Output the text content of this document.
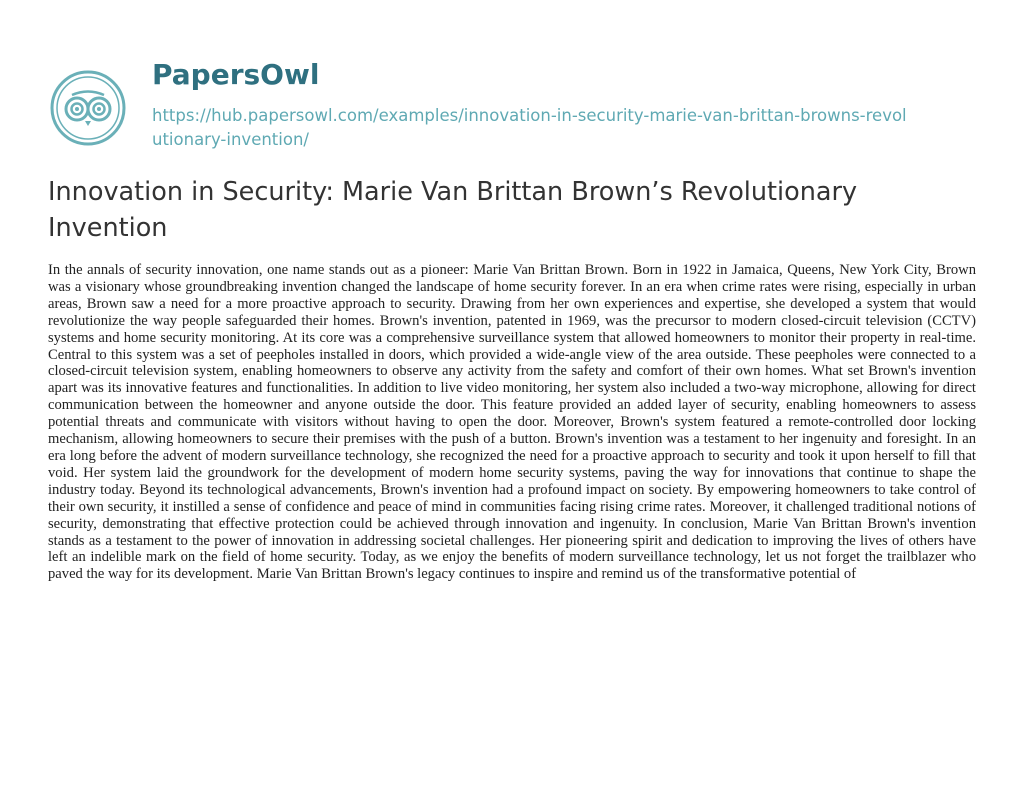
PapersOwl
https://hub.papersowl.com/examples/innovation-in-security-marie-van-brittan-browns-revolutionary-invention/
Innovation in Security: Marie Van Brittan Brown’s Revolutionary Invention

In the annals of security innovation, one name stands out as a pioneer: Marie Van Brittan Brown. Born in 1922 in Jamaica, Queens, New York City, Brown was a visionary whose groundbreaking invention changed the landscape of home security forever. In an era when crime rates were rising, especially in urban areas, Brown saw a need for a more proactive approach to security. Drawing from her own experiences and expertise, she developed a system that would revolutionize the way people safeguarded their homes. Brown's invention, patented in 1969, was the precursor to modern closed-circuit television (CCTV) systems and home security monitoring. At its core was a comprehensive surveillance system that allowed homeowners to monitor their property in real-time. Central to this system was a set of peepholes installed in doors, which provided a wide-angle view of the area outside. These peepholes were connected to a closed-circuit television system, enabling homeowners to observe any activity from the safety and comfort of their own homes. What set Brown's invention apart was its innovative features and functionalities. In addition to live video monitoring, her system also included a two-way microphone, allowing for direct communication between the homeowner and anyone outside the door. This feature provided an added layer of security, enabling homeowners to assess potential threats and communicate with visitors without having to open the door. Moreover, Brown's system featured a remote-controlled door locking mechanism, allowing homeowners to secure their premises with the push of a button. Brown's invention was a testament to her ingenuity and foresight. In an era long before the advent of modern surveillance technology, she recognized the need for a proactive approach to security and took it upon herself to fill that void. Her system laid the groundwork for the development of modern home security systems, paving the way for innovations that continue to shape the industry today. Beyond its technological advancements, Brown's invention had a profound impact on society. By empowering homeowners to take control of their own security, it instilled a sense of confidence and peace of mind in communities facing rising crime rates. Moreover, it challenged traditional notions of security, demonstrating that effective protection could be achieved through innovation and ingenuity. In conclusion, Marie Van Brittan Brown's invention stands as a testament to the power of innovation in addressing societal challenges. Her pioneering spirit and dedication to improving the lives of others have left an indelible mark on the field of home security. Today, as we enjoy the benefits of modern surveillance technology, let us not forget the trailblazer who paved the way for its development. Marie Van Brittan Brown's legacy continues to inspire and remind us of the transformative potential of
